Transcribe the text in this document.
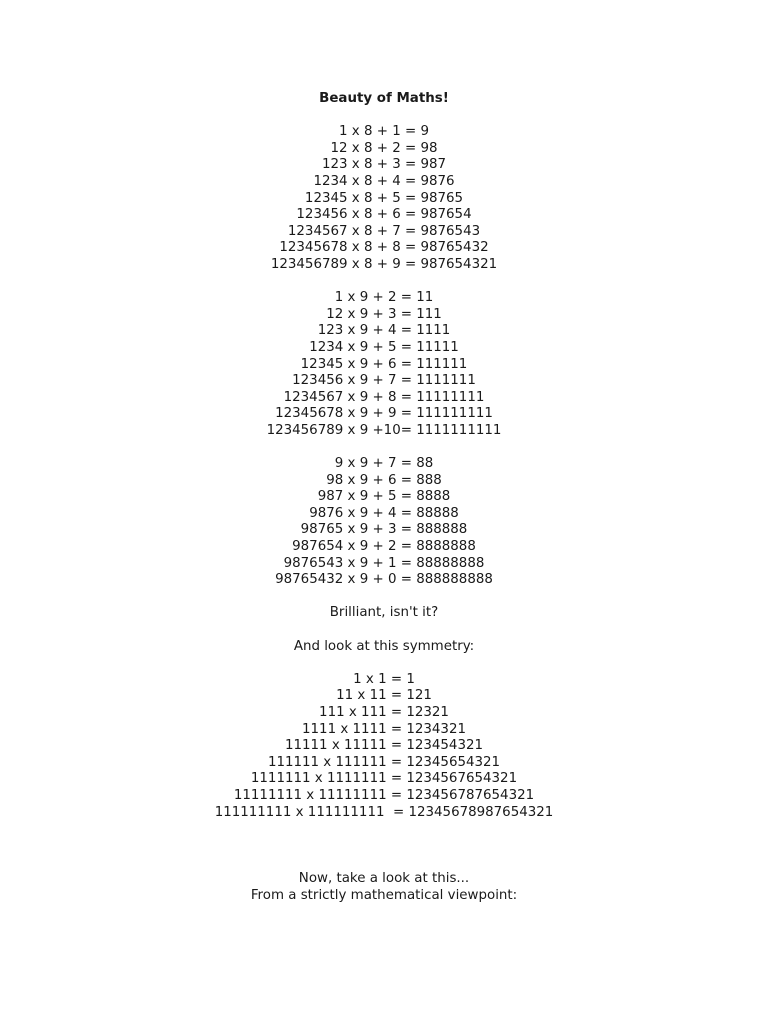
Beauty of Maths!
1 x 8 + 1 = 9
12 x 8 + 2 = 98
123 x 8 + 3 = 987
1234 x 8 + 4 = 9876
12345 x 8 + 5 = 98765
123456 x 8 + 6 = 987654
1234567 x 8 + 7 = 9876543
12345678 x 8 + 8 = 98765432
123456789 x 8 + 9 = 987654321
1 x 9 + 2 = 11
12 x 9 + 3 = 111
123 x 9 + 4 = 1111
1234 x 9 + 5 = 11111
12345 x 9 + 6 = 111111
123456 x 9 + 7 = 1111111
1234567 x 9 + 8 = 11111111
12345678 x 9 + 9 = 111111111
123456789 x 9 +10= 1111111111
9 x 9 + 7 = 88
98 x 9 + 6 = 888
987 x 9 + 5 = 8888
9876 x 9 + 4 = 88888
98765 x 9 + 3 = 888888
987654 x 9 + 2 = 8888888
9876543 x 9 + 1 = 88888888
98765432 x 9 + 0 = 888888888
Brilliant, isn't it?
And look at this symmetry:
1 x 1 = 1
11 x 11 = 121
111 x 111 = 12321
1111 x 1111 = 1234321
11111 x 11111 = 123454321
111111 x 111111 = 12345654321
1111111 x 1111111 = 1234567654321
11111111 x 11111111 = 123456787654321
111111111 x 111111111  = 12345678987654321
Now, take a look at this...
From a strictly mathematical viewpoint:
